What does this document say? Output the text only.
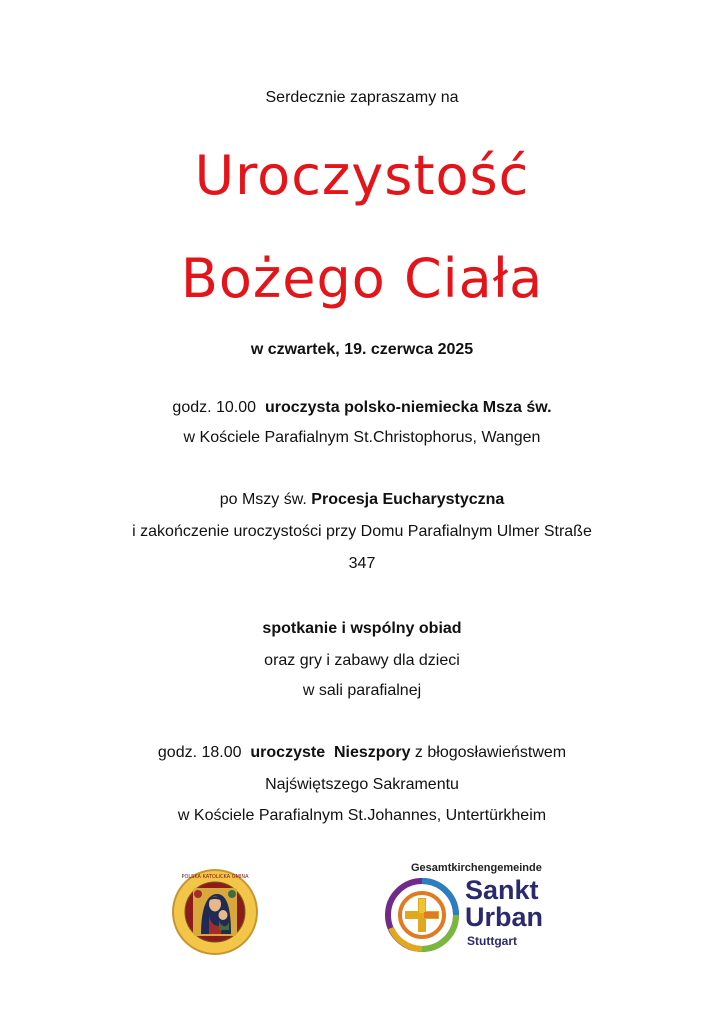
Serdecznie zapraszamy na
Uroczystość
Bożego Ciała
w czwartek, 19. czerwca 2025
godz. 10.00 uroczysta polsko-niemiecka Msza św.
w Kościele Parafialnym St.Christophorus, Wangen
po Mszy św. Procesja Eucharystyczna
i zakończenie uroczystości przy Domu Parafialnym Ulmer Straße
347
spotkanie i wspólny obiad
oraz gry i zabawy dla dzieci
w sali parafialnej
godz. 18.00 uroczyste Nieszpory z błogosławieństwem
Najświętszego Sakramentu
w Kościele Parafialnym St.Johannes, Untertürkheim
POLSKA KATOLICKA GMINA
Gesamtkirchengemeinde
Sankt
Urban
Stuttgart
